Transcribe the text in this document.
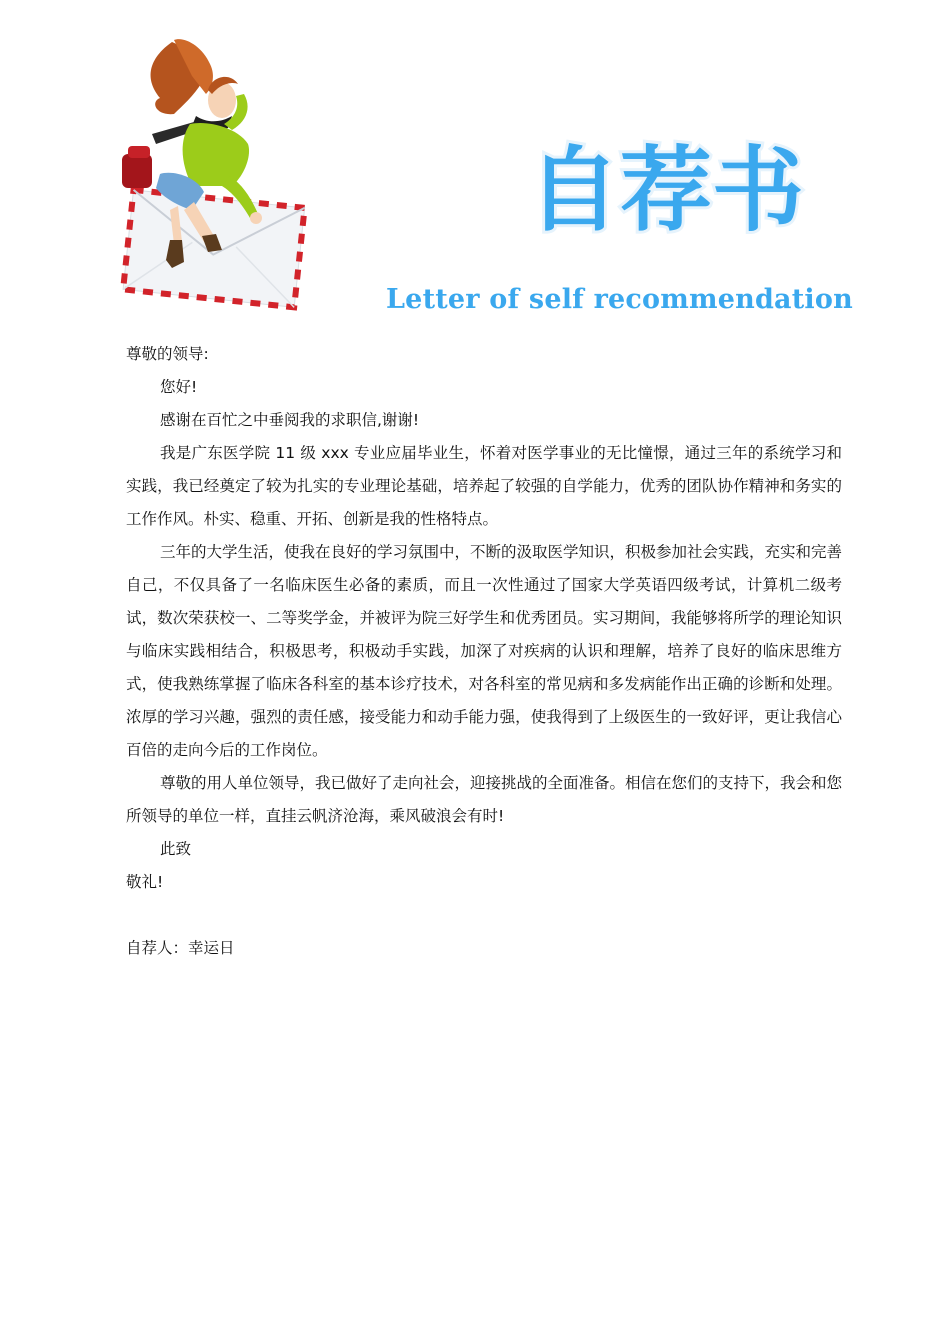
自荐书
Letter of self recommendation

尊敬的领导:

您好!

感谢在百忙之中垂阅我的求职信,谢谢!

我是广东医学院 11 级 xxx 专业应届毕业生，怀着对医学事业的无比憧憬，通过三年的系统学习和实践，我已经奠定了较为扎实的专业理论基础，培养起了较强的自学能力，优秀的团队协作精神和务实的工作作风。朴实、稳重、开拓、创新是我的性格特点。

三年的大学生活，使我在良好的学习氛围中，不断的汲取医学知识，积极参加社会实践，充实和完善自己，不仅具备了一名临床医生必备的素质，而且一次性通过了国家大学英语四级考试，计算机二级考试，数次荣获校一、二等奖学金，并被评为院三好学生和优秀团员。实习期间，我能够将所学的理论知识与临床实践相结合，积极思考，积极动手实践，加深了对疾病的认识和理解，培养了良好的临床思维方式，使我熟练掌握了临床各科室的基本诊疗技术，对各科室的常见病和多发病能作出正确的诊断和处理。浓厚的学习兴趣，强烈的责任感，接受能力和动手能力强，使我得到了上级医生的一致好评，更让我信心百倍的走向今后的工作岗位。

尊敬的用人单位领导，我已做好了走向社会，迎接挑战的全面准备。相信在您们的支持下，我会和您所领导的单位一样，直挂云帆济沧海，乘风破浪会有时!

此致

敬礼!

自荐人：幸运日
